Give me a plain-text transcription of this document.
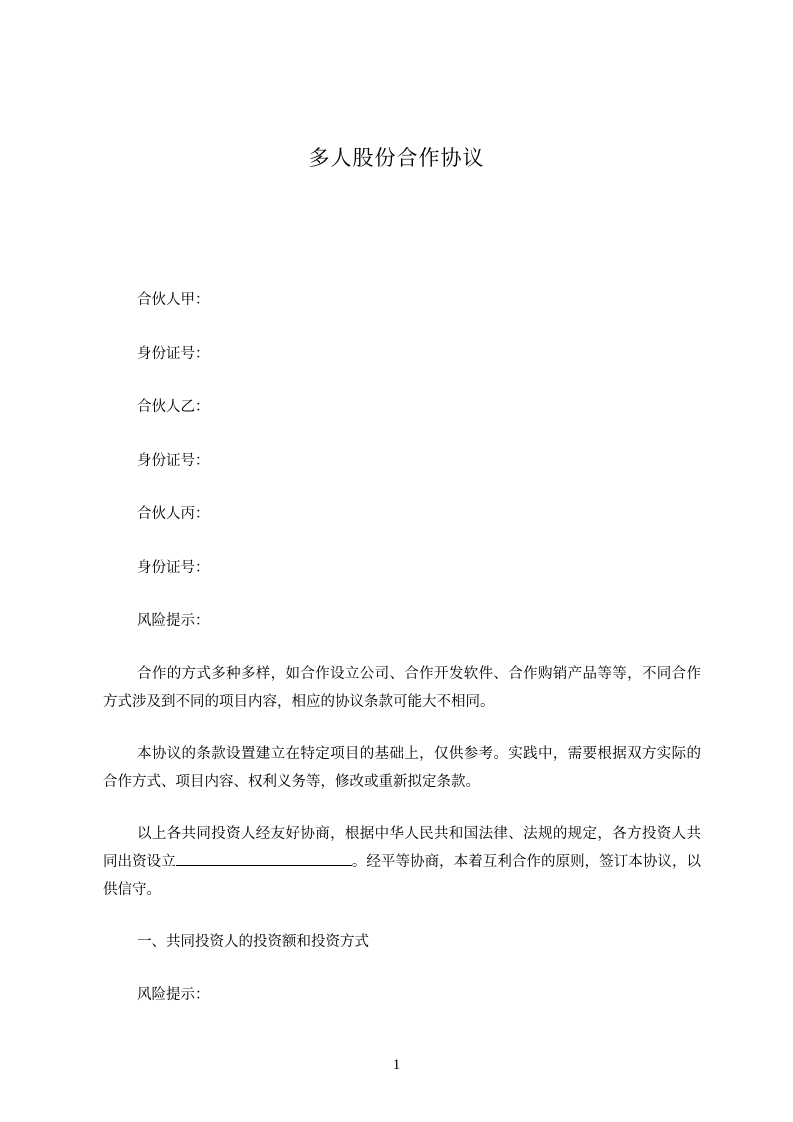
多人股份合作协议
合伙人甲：
身份证号：
合伙人乙：
身份证号：
合伙人丙：
身份证号：
风险提示：

合作的方式多种多样，如合作设立公司、合作开发软件、合作购销产品等等，不同合作方式涉及到不同的项目内容，相应的协议条款可能大不相同。

本协议的条款设置建立在特定项目的基础上，仅供参考。实践中，需要根据双方实际的合作方式、项目内容、权利义务等，修改或重新拟定条款。

以上各共同投资人经友好协商，根据中华人民共和国法律、法规的规定，各方投资人共同出资设立	。经平等协商，本着互利合作的原则，签订本协议，以供信守。

一、共同投资人的投资额和投资方式
风险提示：
1
